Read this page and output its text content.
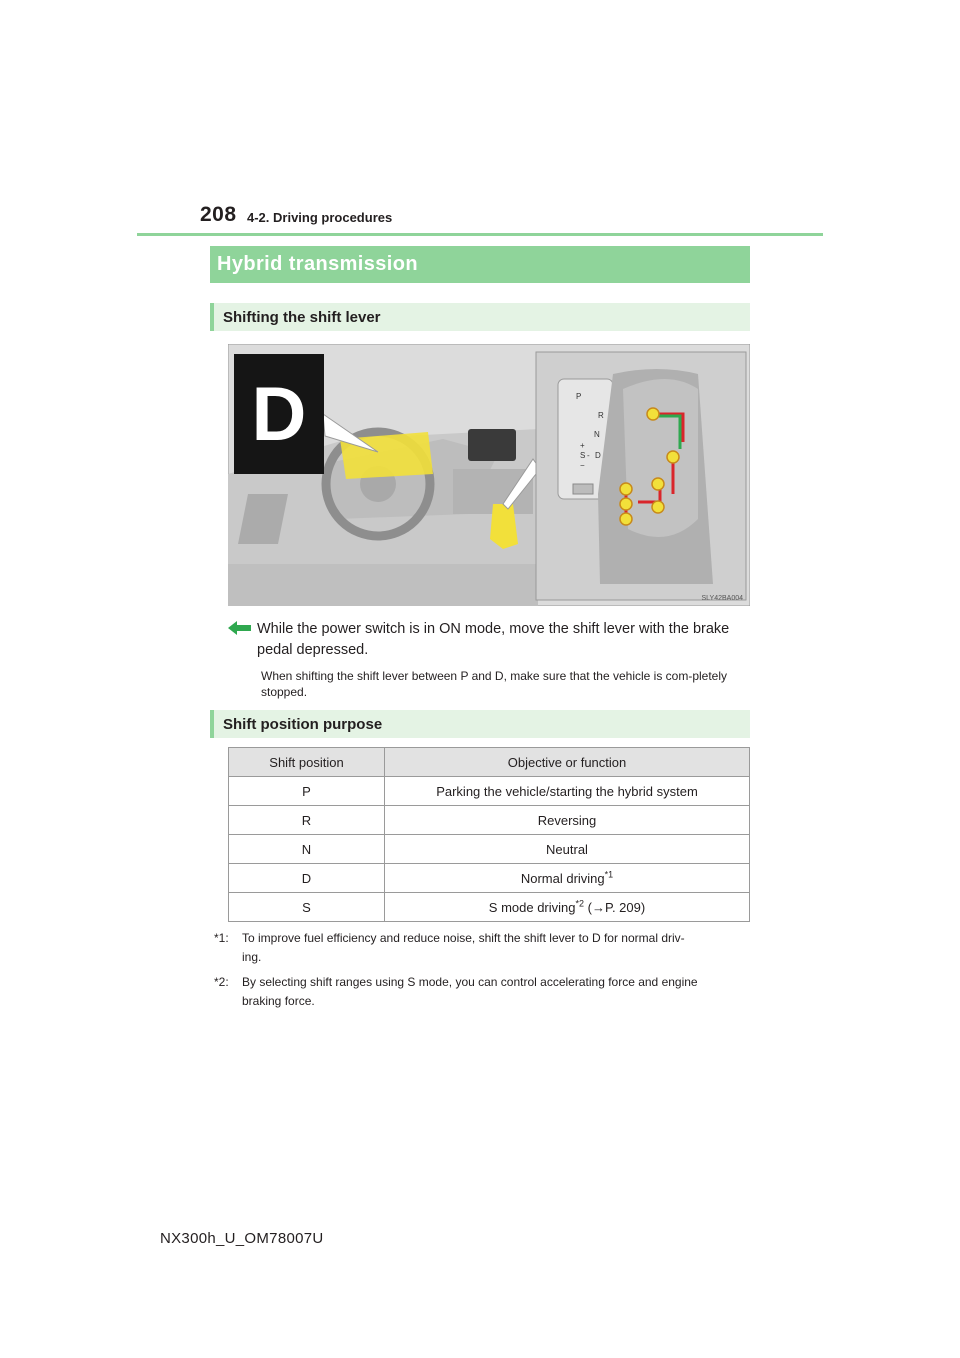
208 4-2. Driving procedures
Hybrid transmission
Shifting the shift lever
D	P
R
N
+
S - D
−
SLY42BA004
While the power switch is in ON mode, move the shift lever with the brake pedal depressed.
When shifting the shift lever between P and D, make sure that the vehicle is com-pletely stopped.
Shift position purpose
Shift position	Objective or function
P	Parking the vehicle/starting the hybrid system
R	Reversing
N	Neutral
D	Normal driving$^{*1}$
S	S mode driving$^{*2}$ (→P. 209)
*1: To improve fuel efficiency and reduce noise, shift the shift lever to D for normal driv-
ing.
*2: By selecting shift ranges using S mode, you can control accelerating force and engine
braking force.
NX300h_U_OM78007U
